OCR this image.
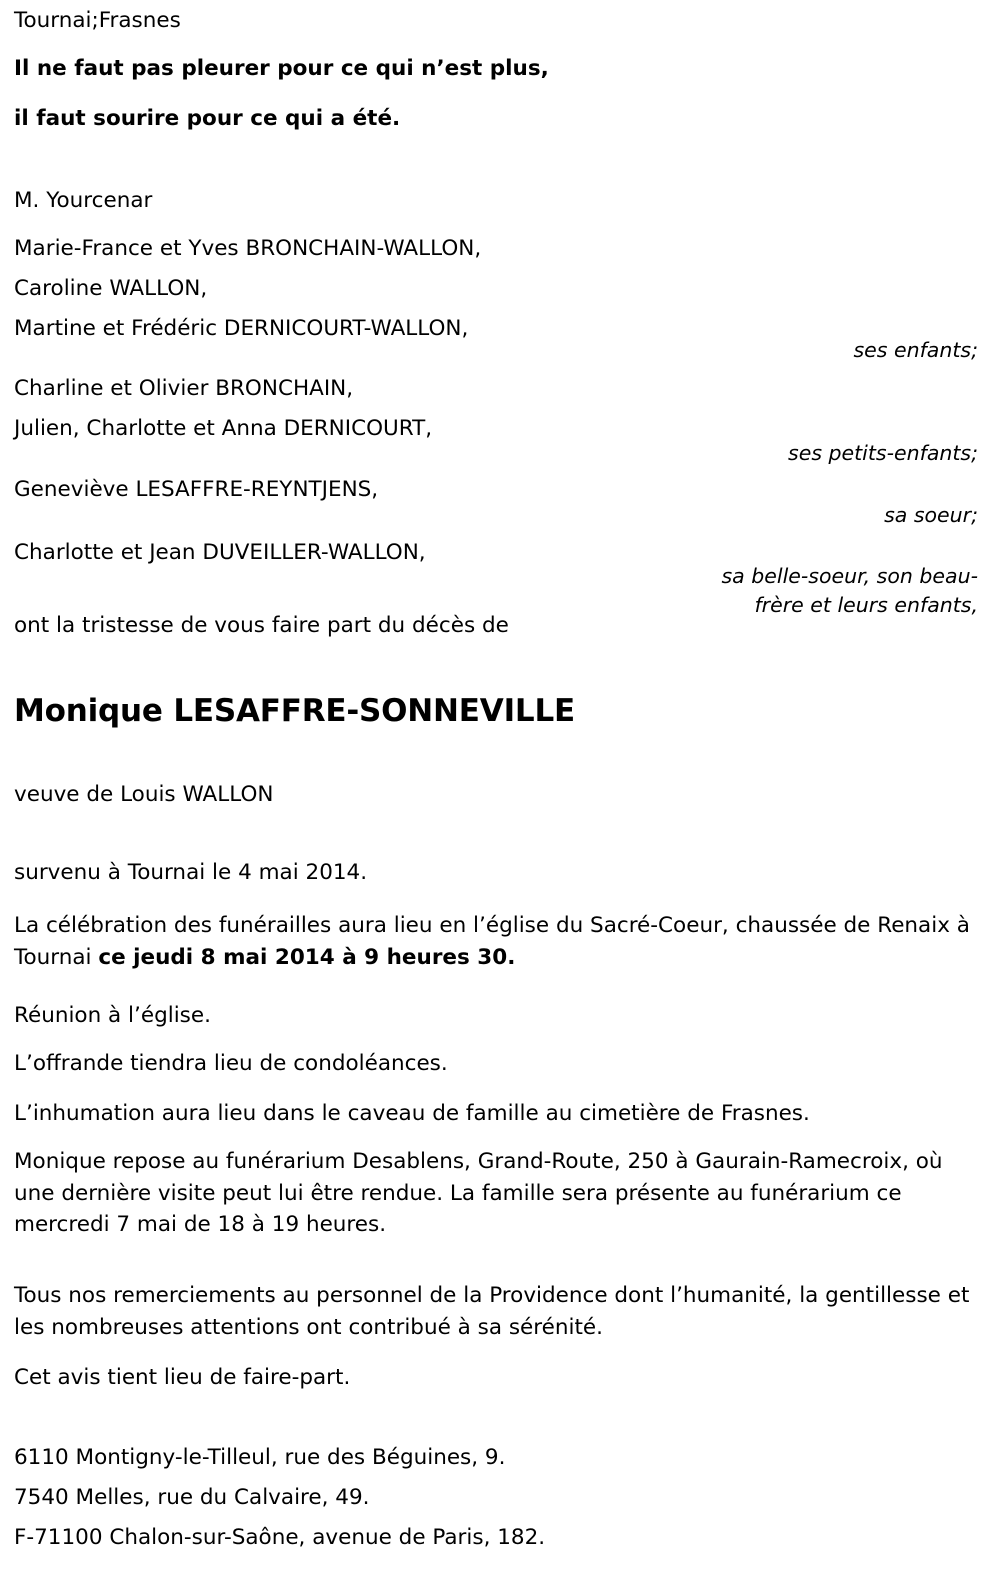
Tournai;Frasnes
Il ne faut pas pleurer pour ce qui n’est plus,
il faut sourire pour ce qui a été.
M. Yourcenar
Marie-France et Yves BRONCHAIN-WALLON,
Caroline WALLON,
Martine et Frédéric DERNICOURT-WALLON,
ses enfants;
Charline et Olivier BRONCHAIN,
Julien, Charlotte et Anna DERNICOURT,
ses petits-enfants;
Geneviève LESAFFRE-REYNTJENS,
sa soeur;
Charlotte et Jean DUVEILLER-WALLON,
sa belle-soeur, son beau-frère et leurs enfants,
ont la tristesse de vous faire part du décès de
Monique LESAFFRE-SONNEVILLE
veuve de Louis WALLON
survenu à Tournai le 4 mai 2014.
La célébration des funérailles aura lieu en l’église du Sacré-Coeur, chaussée de Renaix à Tournai ce jeudi 8 mai 2014 à 9 heures 30.
Réunion à l’église.
L’offrande tiendra lieu de condoléances.
L’inhumation aura lieu dans le caveau de famille au cimetière de Frasnes.
Monique repose au funérarium Desablens, Grand-Route, 250 à Gaurain-Ramecroix, où une dernière visite peut lui être rendue. La famille sera présente au funérarium ce mercredi 7 mai de 18 à 19 heures.
Tous nos remerciements au personnel de la Providence dont l’humanité, la gentillesse et les nombreuses attentions ont contribué à sa sérénité.
Cet avis tient lieu de faire-part.
6110 Montigny-le-Tilleul, rue des Béguines, 9.
7540 Melles, rue du Calvaire, 49.
F-71100 Chalon-sur-Saône, avenue de Paris, 182.
